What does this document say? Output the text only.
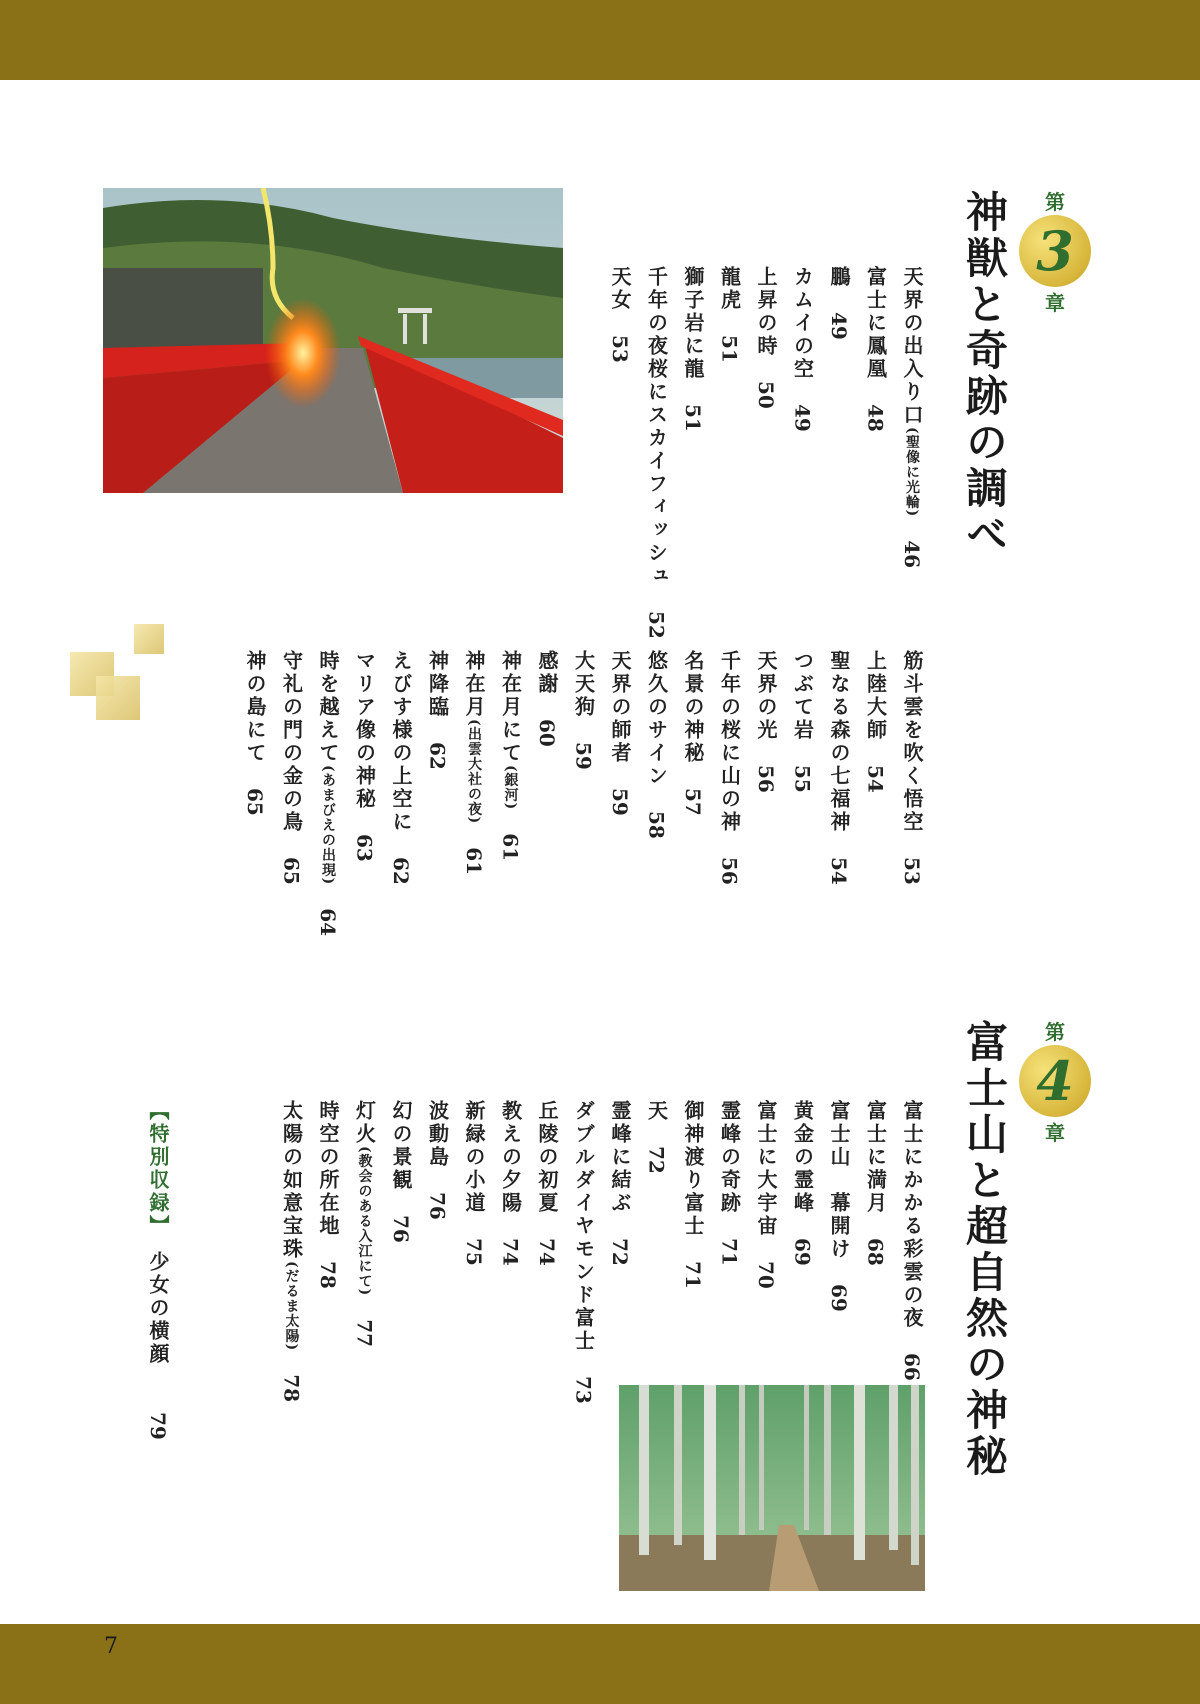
第
3
章
神獣と奇跡の調べ
天界の出入り口(聖像に光輪)　46
富士に鳳凰　48
鵬　49
カムイの空　49
上昇の時　50
龍虎　51
獅子岩に龍　51
千年の夜桜にスカイフィッシュ　52
天女　53
筋斗雲を吹く悟空　53
上陸大師　54
聖なる森の七福神　54
つぶて岩　55
天界の光　56
千年の桜に山の神　56
名景の神秘　57
悠久のサイン　58
天界の師者　59
大天狗　59
感謝　60
神在月にて(銀河)　61
神在月(出雲大社の夜)　61
神降臨　62
えびす様の上空に　62
マリア像の神秘　63
時を越えて(あまびえの出現)　64
守礼の門の金の鳥　65
神の島にて　65
第
4
章
富士山と超自然の神秘
富士にかかる彩雲の夜　66
富士に満月　68
富士山　幕開け　69
黄金の霊峰　69
富士に大宇宙　70
霊峰の奇跡　71
御神渡り富士　71
天　72
霊峰に結ぶ　72
ダブルダイヤモンド富士　73
丘陵の初夏　74
教えの夕陽　74
新緑の小道　75
波動島　76
幻の景観　76
灯火(教会のある入江にて)　77
時空の所在地　78
太陽の如意宝珠(だるま太陽)　78
【特別収録】　少女の横顔　　79
7
